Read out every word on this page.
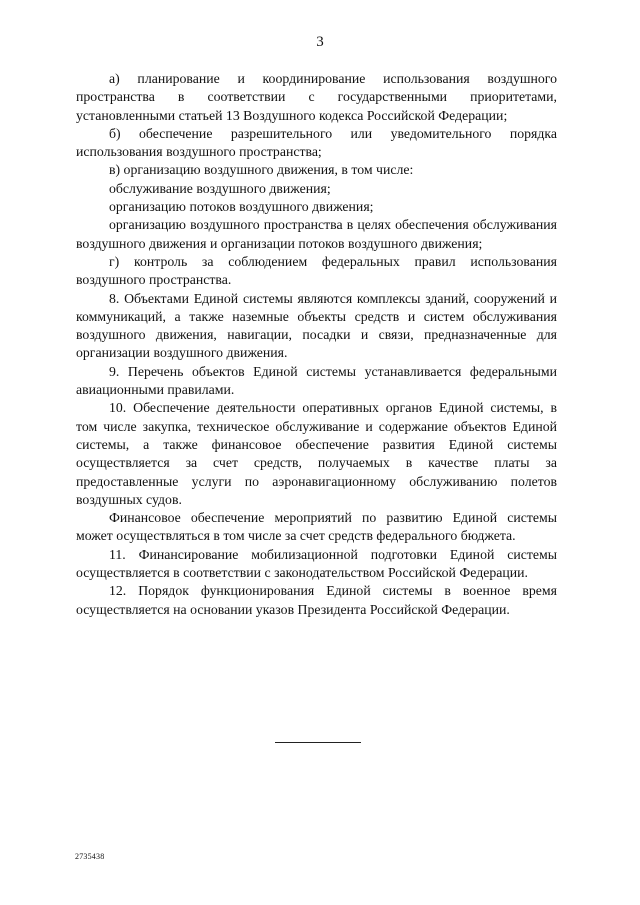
3

а) планирование и координирование использования воздушного пространства в соответствии с государственными приоритетами, установленными статьей 13 Воздушного кодекса Российской Федерации;

б) обеспечение разрешительного или уведомительного порядка использования воздушного пространства;

в) организацию воздушного движения, в том числе:

обслуживание воздушного движения;

организацию потоков воздушного движения;

организацию воздушного пространства в целях обеспечения обслуживания воздушного движения и организации потоков воздушного движения;

г) контроль за соблюдением федеральных правил использования воздушного пространства.

8. Объектами Единой системы являются комплексы зданий, сооружений и коммуникаций, а также наземные объекты средств и систем обслуживания воздушного движения, навигации, посадки и связи, предназначенные для организации воздушного движения.

9. Перечень объектов Единой системы устанавливается федеральными авиационными правилами.

10. Обеспечение деятельности оперативных органов Единой системы, в том числе закупка, техническое обслуживание и содержание объектов Единой системы, а также финансовое обеспечение развития Единой системы осуществляется за счет средств, получаемых в качестве платы за предоставленные услуги по аэронавигационному обслуживанию полетов воздушных судов.

Финансовое обеспечение мероприятий по развитию Единой системы может осуществляться в том числе за счет средств федерального бюджета.

11. Финансирование мобилизационной подготовки Единой системы осуществляется в соответствии с законодательством Российской Федерации.

12. Порядок функционирования Единой системы в военное время осуществляется на основании указов Президента Российской Федерации.

2735438
